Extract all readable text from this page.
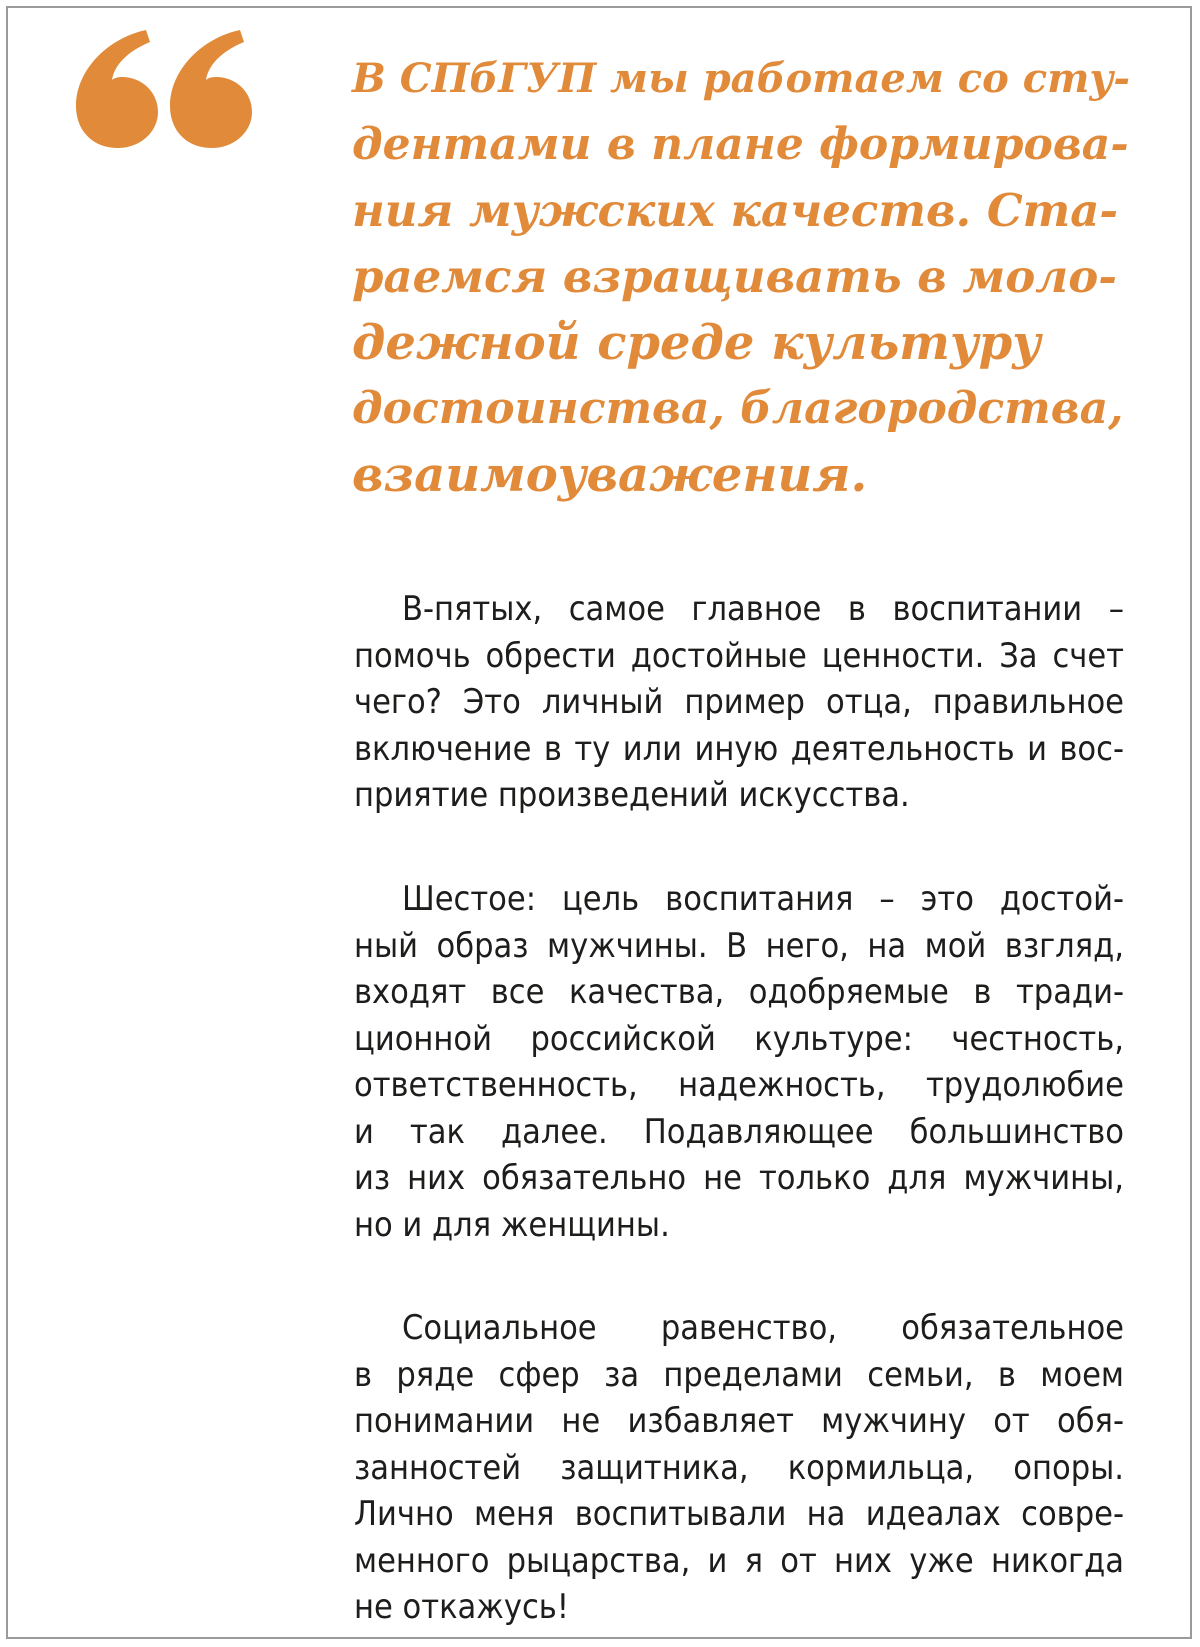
В СПбГУП мы работаем со сту-
дентами в плане формирова-
ния мужских качеств. Ста-
раемся взращивать в моло-
дежной среде культуру
достоинства, благородства,
взаимоуважения.
В-пятых, самое главное в воспитании –
помочь обрести достойные ценности. За счет
чего? Это личный пример отца, правильное
включение в ту или иную деятельность и вос-
приятие произведений искусства.
Шестое: цель воспитания – это достой-
ный образ мужчины. В него, на мой взгляд,
входят все качества, одобряемые в тради-
ционной российской культуре: честность,
ответственность, надежность, трудолюбие
и так далее. Подавляющее большинство
из них обязательно не только для мужчины,
но и для женщины.
Социальное равенство, обязательное
в ряде сфер за пределами семьи, в моем
понимании не избавляет мужчину от обя-
занностей защитника, кормильца, опоры.
Лично меня воспитывали на идеалах совре-
менного рыцарства, и я от них уже никогда
не откажусь!
